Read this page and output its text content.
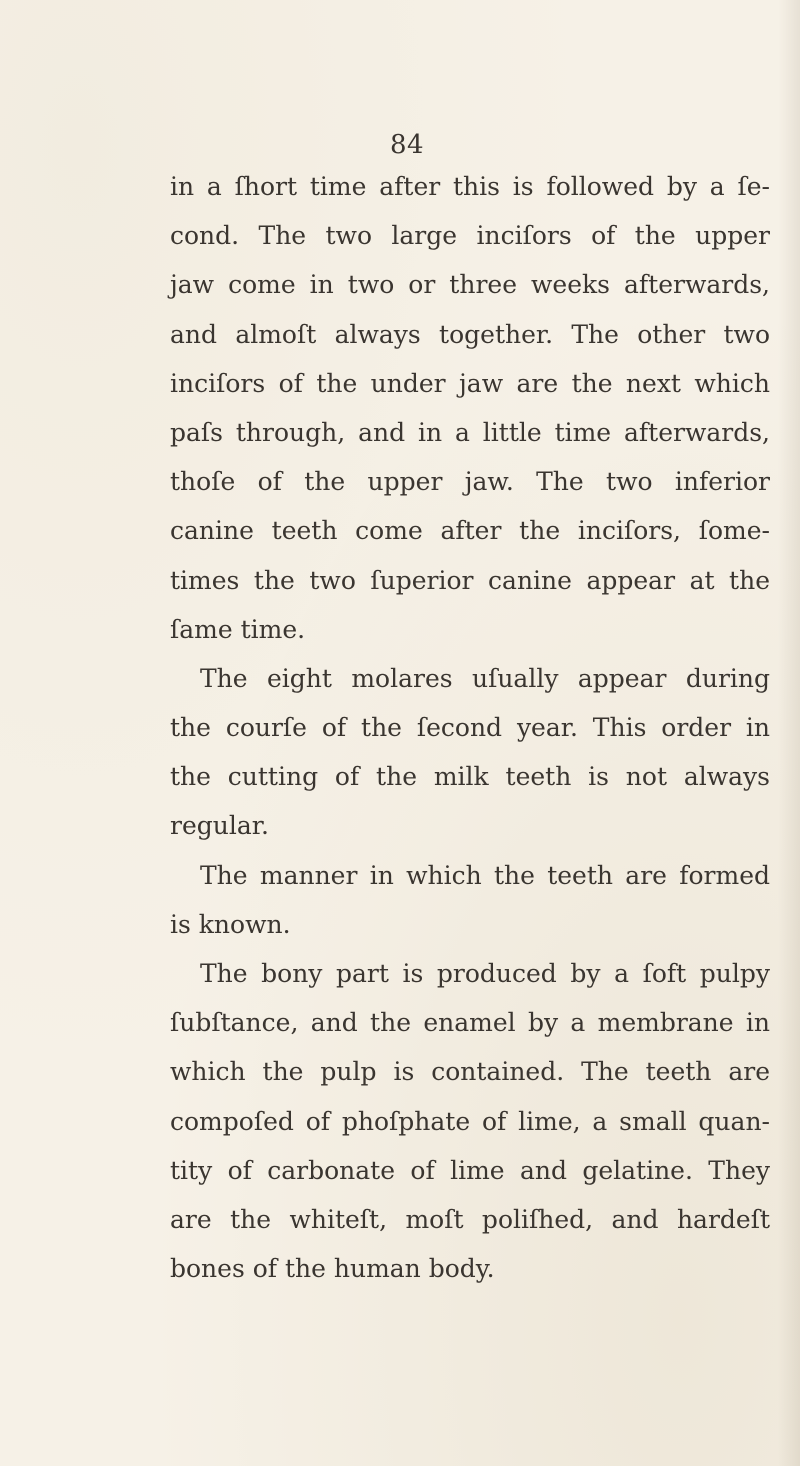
84
in a ſhort time after this is followed by a ſe-
cond. The two large inciſors of the upper
jaw come in two or three weeks afterwards,
and almoſt always together. The other two
inciſors of the under jaw are the next which
paſs through, and in a little time afterwards,
thoſe of the upper jaw. The two inferior
canine teeth come after the inciſors, ſome-
times the two ſuperior canine appear at the
ſame time.
The eight molares uſually appear during
the courſe of the ſecond year. This order in
the cutting of the milk teeth is not always
regular.
The manner in which the teeth are formed
is known.
The bony part is produced by a ſoft pulpy
ſubſtance, and the enamel by a membrane in
which the pulp is contained. The teeth are
compoſed of phoſphate of lime, a small quan-
tity of carbonate of lime and gelatine. They
are the whiteſt, moſt poliſhed, and hardeſt
bones of the human body.
